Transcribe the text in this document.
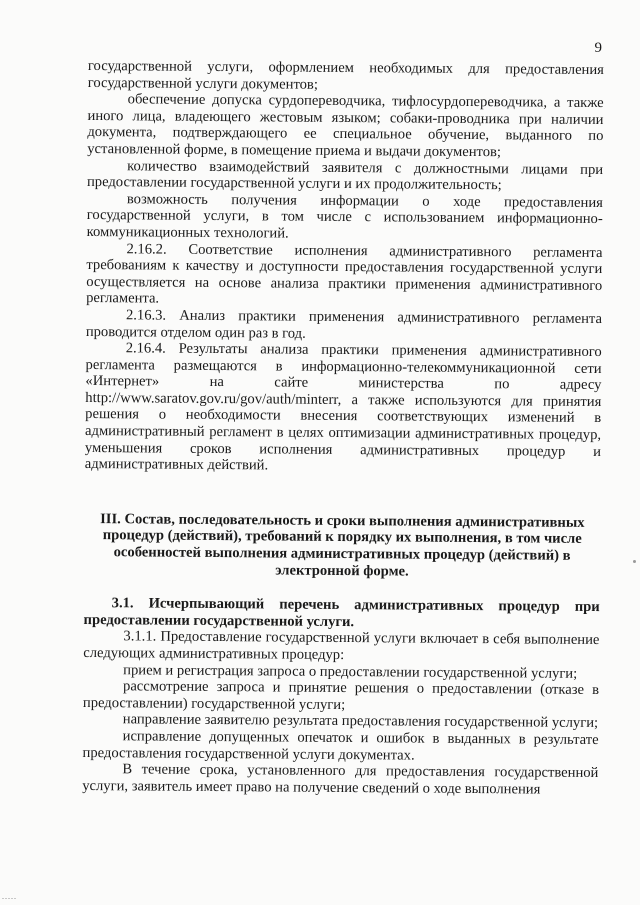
9

государственной услуги, оформлением необходимых для предоставления государственной услуги документов;

обеспечение допуска сурдопереводчика, тифлосурдопереводчика, а также иного лица, владеющего жестовым языком; собаки-проводника при наличии документа, подтверждающего ее специальное обучение, выданного по установленной форме, в помещение приема и выдачи документов;

количество взаимодействий заявителя с должностными лицами при предоставлении государственной услуги и их продолжительность;

возможность получения информации о ходе предоставления государственной услуги, в том числе с использованием информационно-коммуникационных технологий.

2.16.2. Соответствие исполнения административного регламента требованиям к качеству и доступности предоставления государственной услуги осуществляется на основе анализа практики применения административного регламента.

2.16.3. Анализ практики применения административного регламента проводится отделом один раз в год.

2.16.4. Результаты анализа практики применения административного регламента размещаются в информационно-телекоммуникационной сети «Интернет» на сайте министерства по адресу http://www.saratov.gov.ru/gov/auth/minterr, а также используются для принятия решения о необходимости внесения соответствующих изменений в административный регламент в целях оптимизации административных процедур, уменьшения сроков исполнения административных процедур и административных действий.

III. Состав, последовательность и сроки выполнения административных процедур (действий), требований к порядку их выполнения, в том числе особенностей выполнения административных процедур (действий) в электронной форме.

3.1. Исчерпывающий перечень административных процедур при предоставлении государственной услуги.

3.1.1. Предоставление государственной услуги включает в себя выполнение следующих административных процедур:

прием и регистрация запроса о предоставлении государственной услуги;

рассмотрение запроса и принятие решения о предоставлении (отказе в предоставлении) государственной услуги;

направление заявителю результата предоставления государственной услуги;

исправление допущенных опечаток и ошибок в выданных в результате предоставления государственной услуги документах.

В течение срока, установленного для предоставления государственной услуги, заявитель имеет право на получение сведений о ходе выполнения

.....
